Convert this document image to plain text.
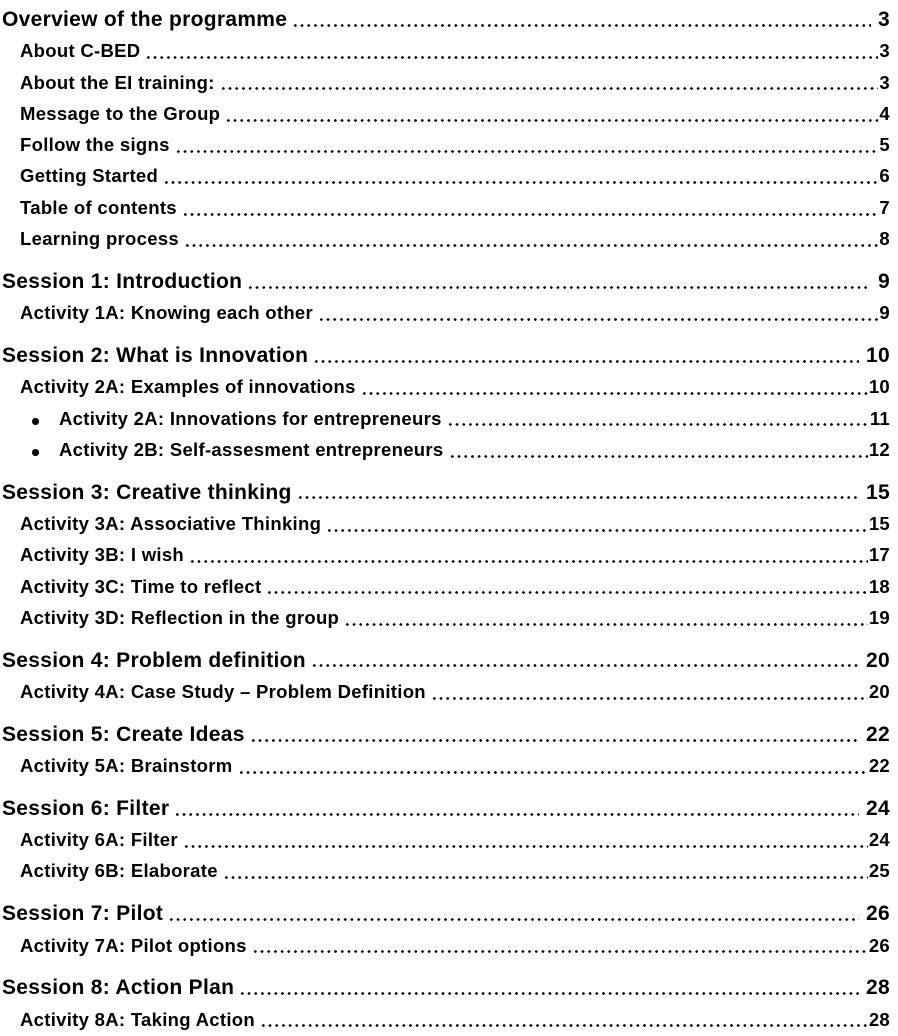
Overview of the programme	3
About C-BED	3
About the EI training:	3
Message to the Group	4
Follow the signs	5
Getting Started	6
Table of contents	7
Learning process	8
Session 1: Introduction	9
Activity 1A: Knowing each other	9
Session 2: What is Innovation	10
Activity 2A: Examples of innovations	10
Activity 2A: Innovations for entrepreneurs	11
Activity 2B: Self-assesment entrepreneurs	12
Session 3: Creative thinking	15
Activity 3A: Associative Thinking	15
Activity 3B: I wish	17
Activity 3C: Time to reflect	18
Activity 3D: Reflection in the group	19
Session 4: Problem definition	20
Activity 4A: Case Study – Problem Definition	20
Session 5: Create Ideas	22
Activity 5A: Brainstorm	22
Session 6: Filter	24
Activity 6A: Filter	24
Activity 6B: Elaborate	25
Session 7: Pilot	26
Activity 7A: Pilot options	26
Session 8: Action Plan	28
Activity 8A: Taking Action	28
